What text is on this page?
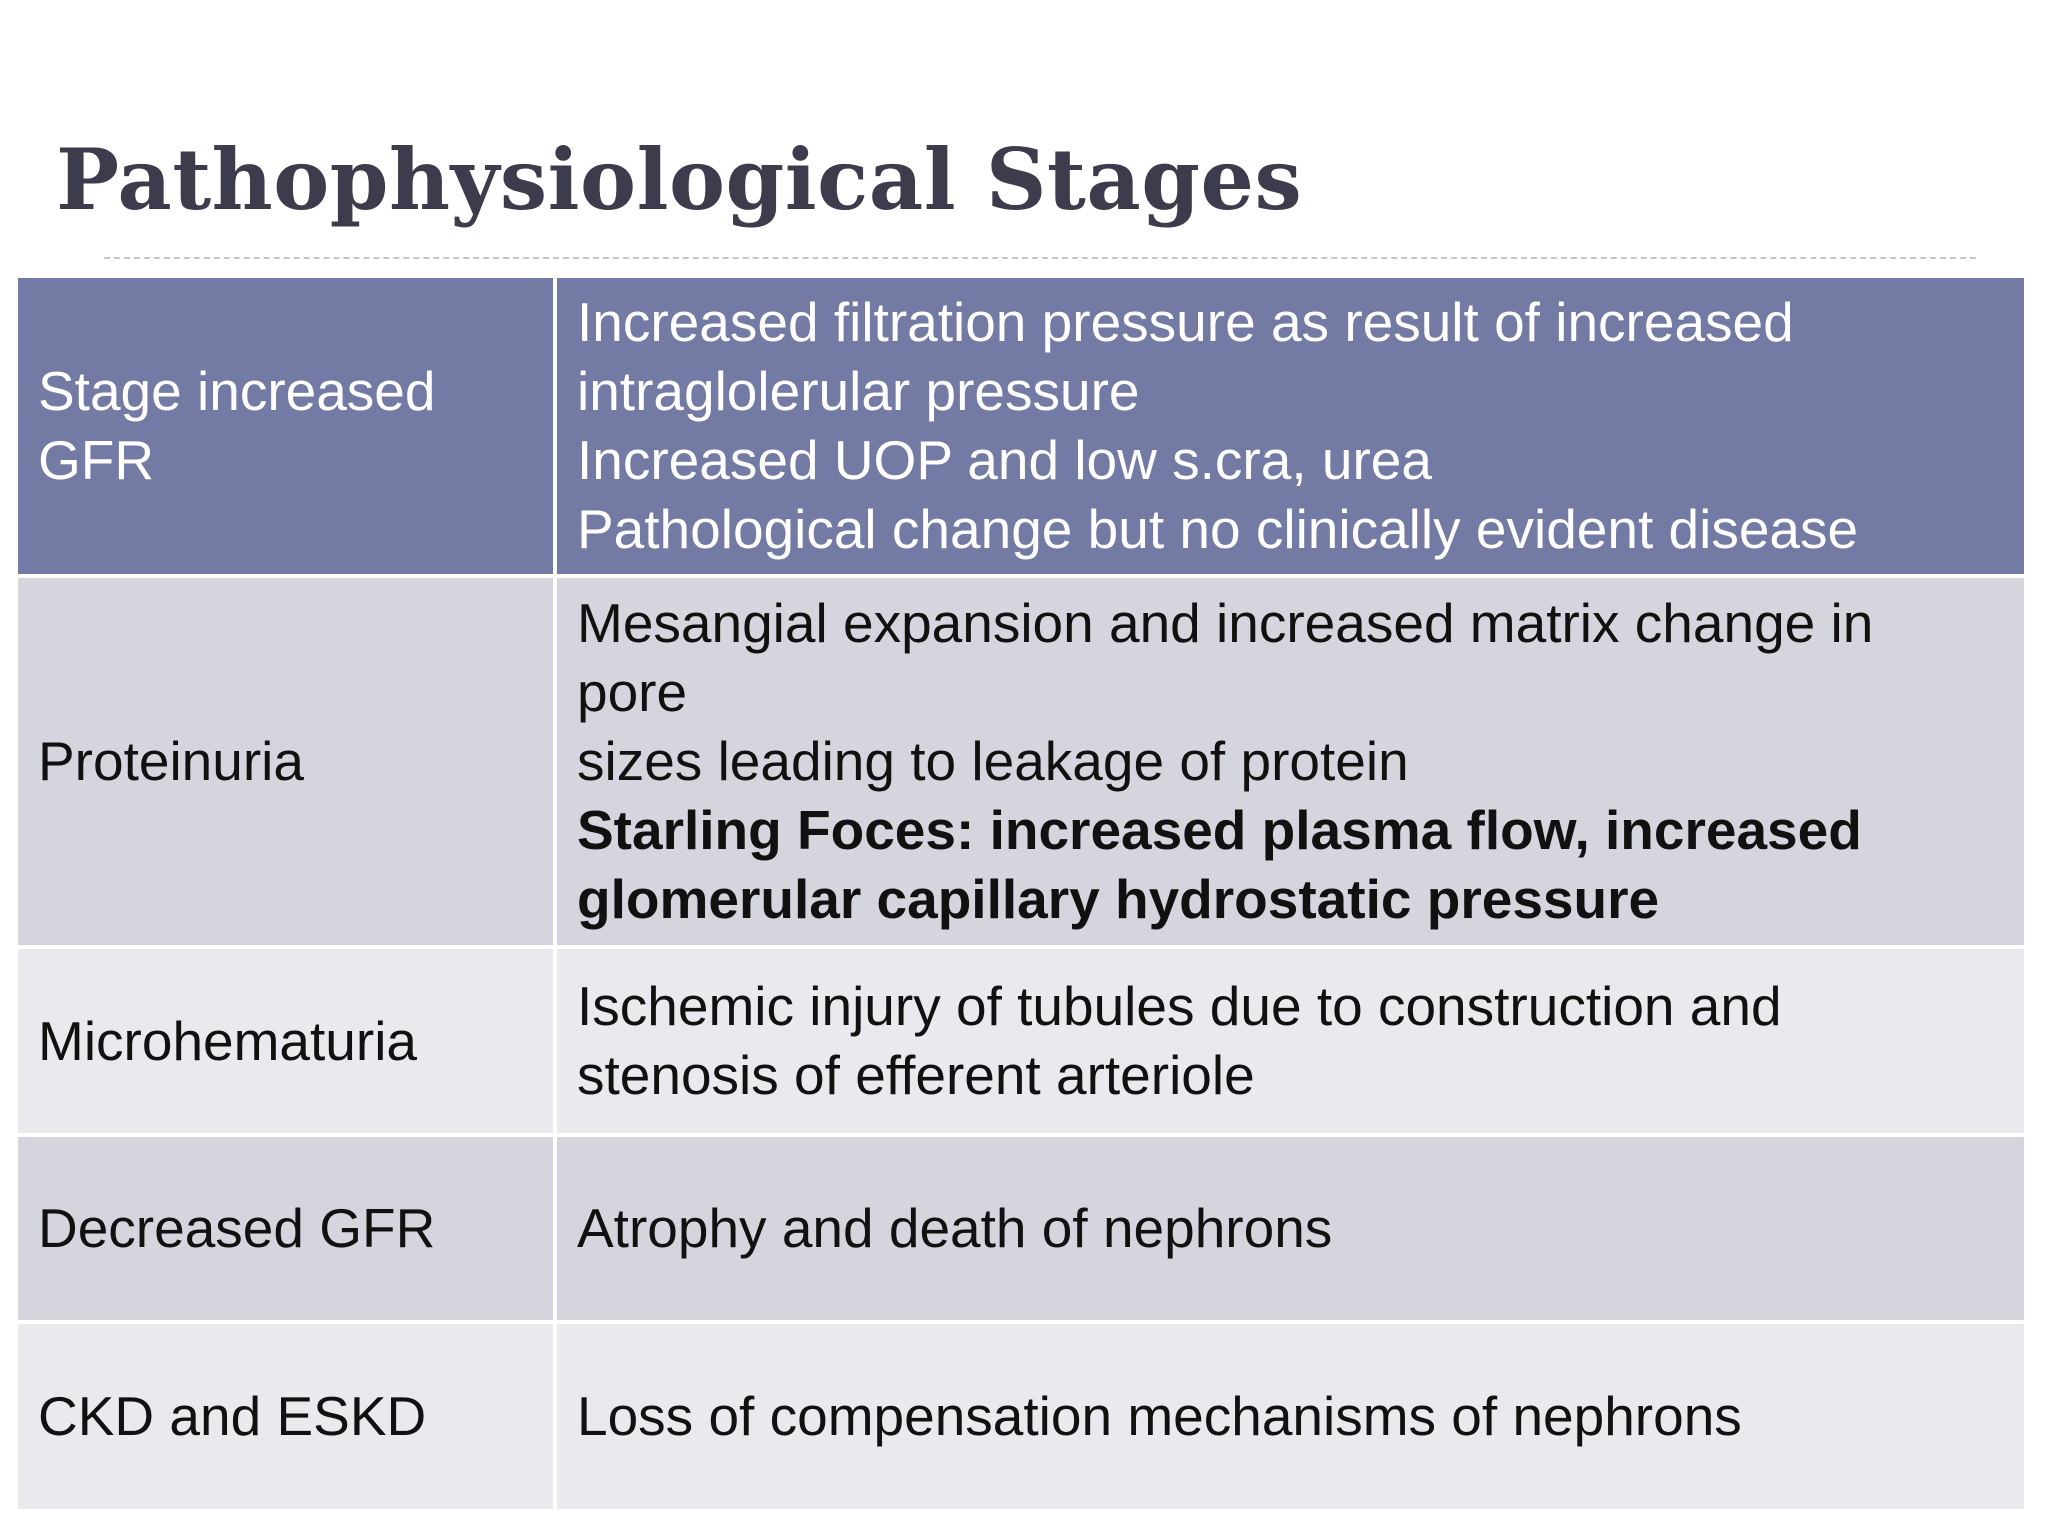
Pathophysiological Stages
Stage increased GFR	Increased filtration pressure as result of increased
intraglolerular pressure
Increased UOP and low s.cra, urea
Pathological change but no clinically evident disease

Proteinuria	Mesangial expansion and increased matrix change in
pore
sizes leading to leakage of protein
Starling Foces: increased plasma flow, increased
glomerular capillary hydrostatic pressure

Microhematuria	Ischemic injury of tubules due to construction and
stenosis of efferent arteriole

Decreased GFR	Atrophy and death of nephrons

CKD and ESKD	Loss of compensation mechanisms of nephrons
